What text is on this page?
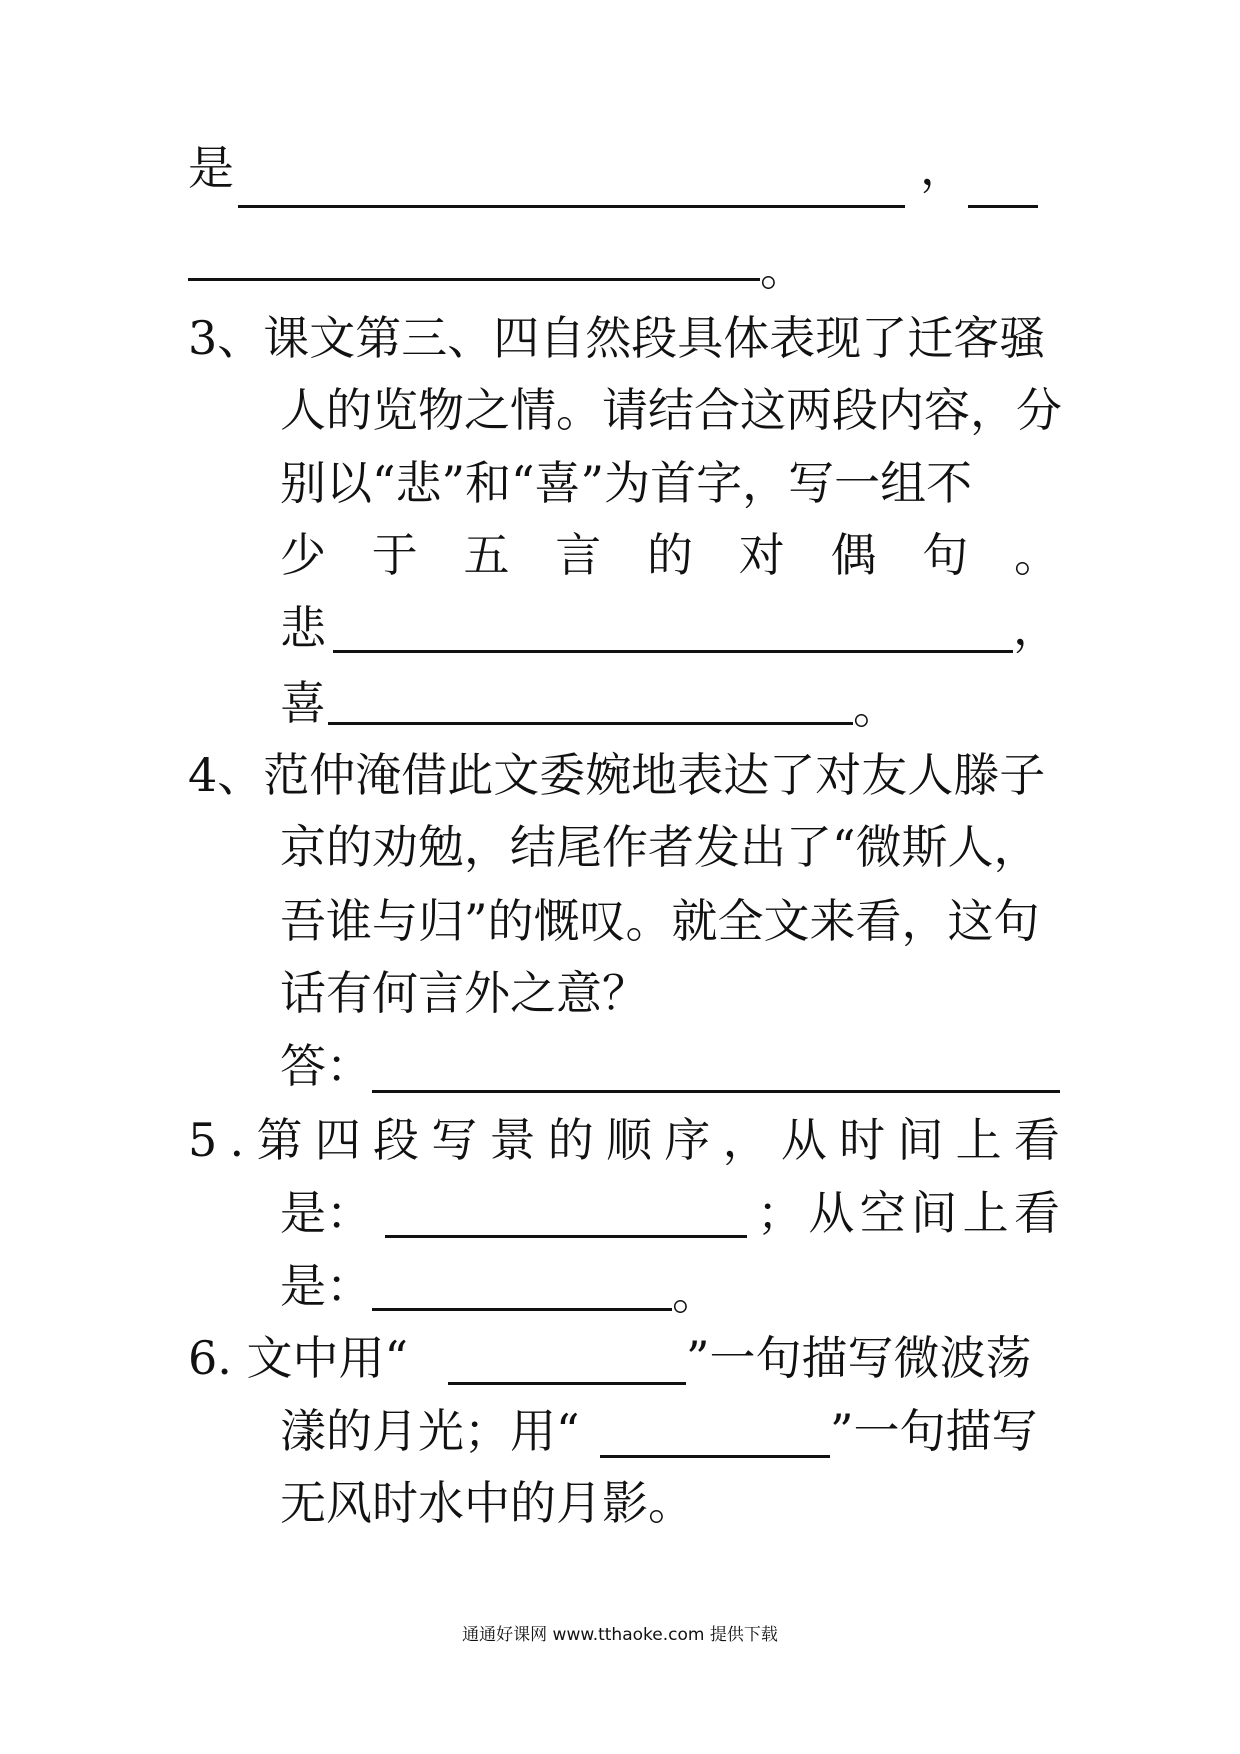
是	，
。
3、课文第三、四自然段具体表现了迁客骚
人的览物之情。请结合这两段内容，分
别以“悲”和“喜”为首字，写一组不
少 于 五 言 的 对 偶 句 。
悲	，
喜	。
4、范仲淹借此文委婉地表达了对友人滕子
京的劝勉，结尾作者发出了“微斯人，
吾谁与归”的慨叹。就全文来看，这句
话有何言外之意？
答：
5 . 第 四 段 写 景 的 顺 序 ， 从 时 间 上 看
是：	； 从 空 间 上 看
是：	。
6. 文中用“	”一句描写微波荡
漾的月光；用“	”一句描写
无风时水中的月影。
通通好课网 www.tthaoke.com 提供下载
